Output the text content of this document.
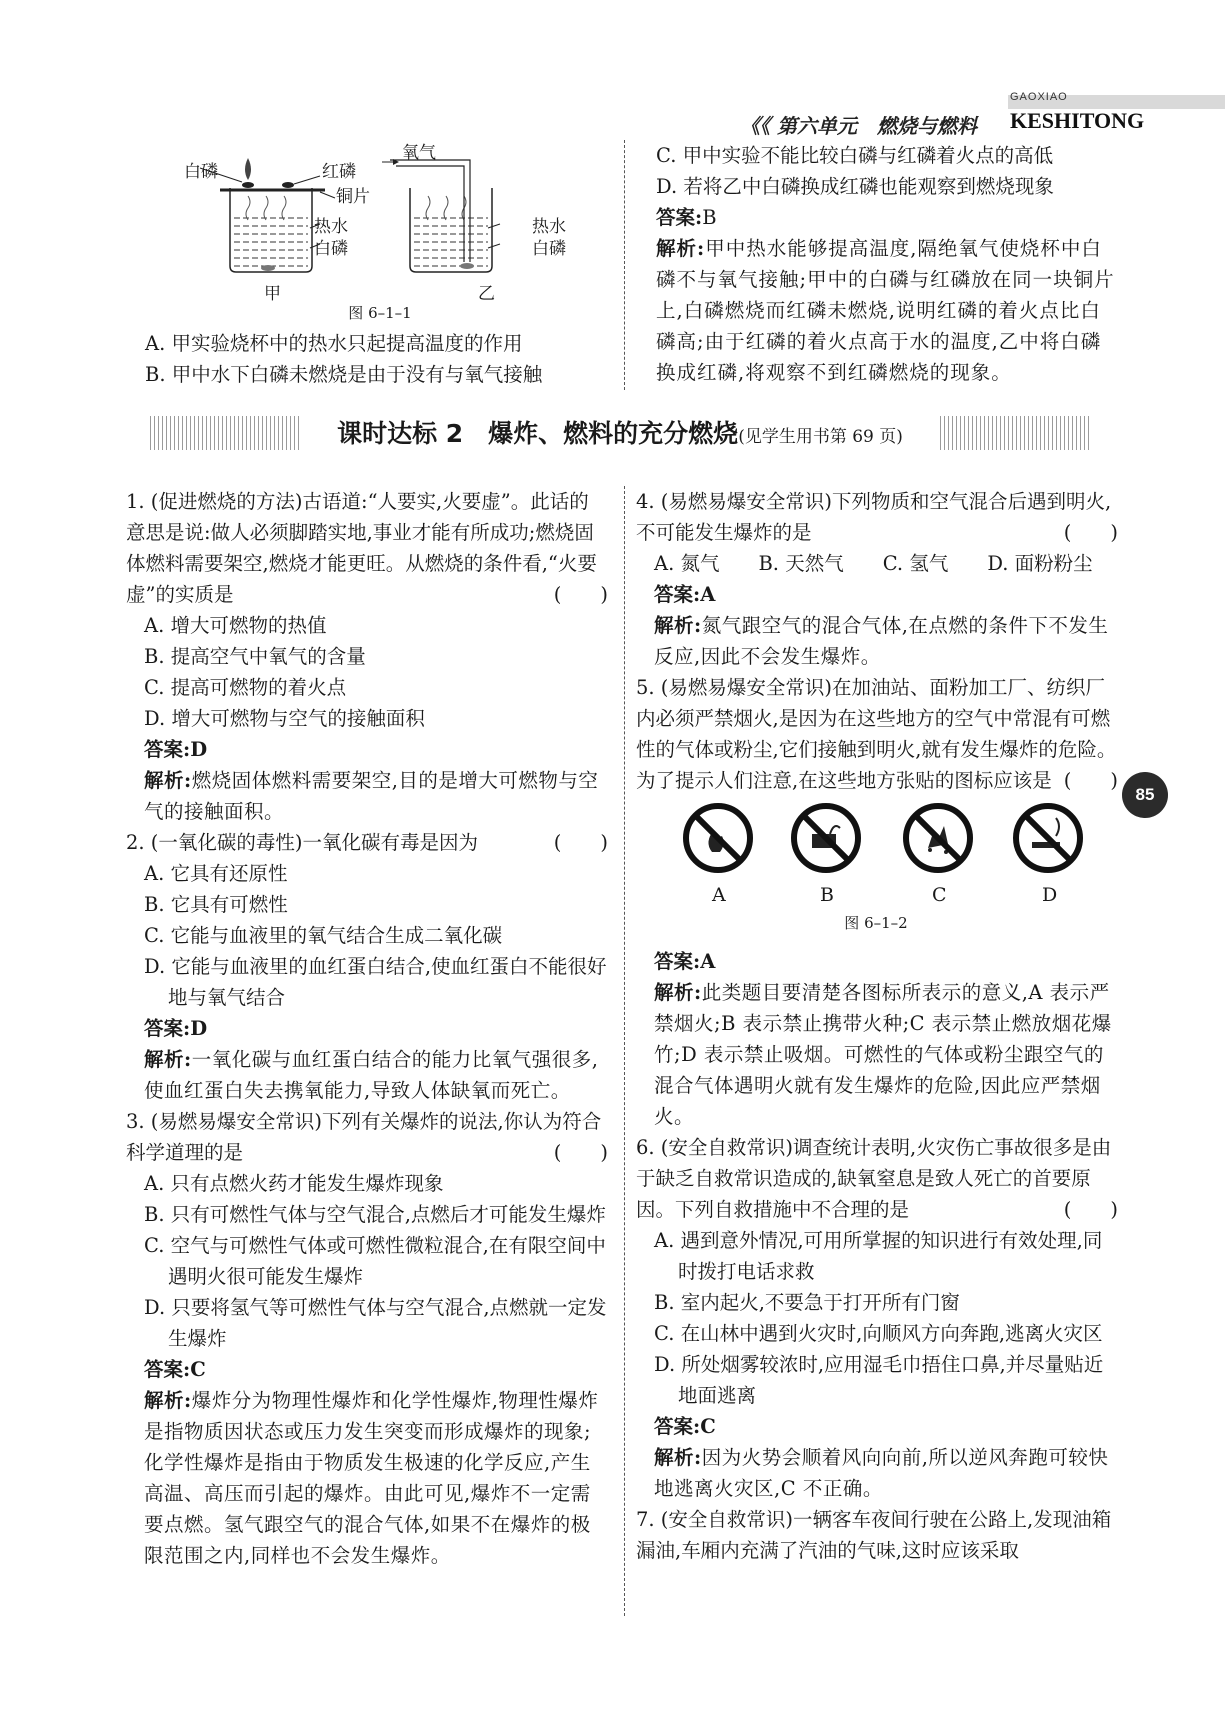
GAOXIAO
《《 第六单元　燃烧与燃料 KESHITONG
白磷	红磷
铜片
热水
白磷
氧气
热水
白磷
甲	乙
图 6–1–1
A. 甲实验烧杯中的热水只起提高温度的作用
B. 甲中水下白磷未燃烧是由于没有与氧气接触
C. 甲中实验不能比较白磷与红磷着火点的高低
D. 若将乙中白磷换成红磷也能观察到燃烧现象
答案:B
解析:甲中热水能够提高温度,隔绝氧气使烧杯中白磷不与氧气接触;甲中的白磷与红磷放在同一块铜片上,白磷燃烧而红磷未燃烧,说明红磷的着火点比白磷高;由于红磷的着火点高于水的温度,乙中将白磷换成红磷,将观察不到红磷燃烧的现象。
课时达标 2　爆炸、燃料的充分燃烧(见学生用书第 69 页)
1. (促进燃烧的方法)古语道:“人要实,火要虚”。此话的意思是说:做人必须脚踏实地,事业才能有所成功;燃烧固体燃料需要架空,燃烧才能更旺。从燃烧的条件看,“火要虚”的实质是	(　　)
A. 增大可燃物的热值
B. 提高空气中氧气的含量
C. 提高可燃物的着火点
D. 增大可燃物与空气的接触面积
答案:D
解析:燃烧固体燃料需要架空,目的是增大可燃物与空气的接触面积。
2. (一氧化碳的毒性)一氧化碳有毒是因为	(　　)
A. 它具有还原性
B. 它具有可燃性
C. 它能与血液里的氧气结合生成二氧化碳
D. 它能与血液里的血红蛋白结合,使血红蛋白不能很好地与氧气结合
答案:D
解析:一氧化碳与血红蛋白结合的能力比氧气强很多,使血红蛋白失去携氧能力,导致人体缺氧而死亡。
3. (易燃易爆安全常识)下列有关爆炸的说法,你认为符合科学道理的是	(　　)
A. 只有点燃火药才能发生爆炸现象
B. 只有可燃性气体与空气混合,点燃后才可能发生爆炸
C. 空气与可燃性气体或可燃性微粒混合,在有限空间中遇明火很可能发生爆炸
D. 只要将氢气等可燃性气体与空气混合,点燃就一定发生爆炸
答案:C
解析:爆炸分为物理性爆炸和化学性爆炸,物理性爆炸是指物质因状态或压力发生突变而形成爆炸的现象;化学性爆炸是指由于物质发生极速的化学反应,产生高温、高压而引起的爆炸。由此可见,爆炸不一定需要点燃。氢气跟空气的混合气体,如果不在爆炸的极限范围之内,同样也不会发生爆炸。
4. (易燃易爆安全常识)下列物质和空气混合后遇到明火,不可能发生爆炸的是	(　　)
A. 氮气　　B. 天然气　　C. 氢气　　D. 面粉粉尘
答案:A
解析:氮气跟空气的混合气体,在点燃的条件下不发生反应,因此不会发生爆炸。
5. (易燃易爆安全常识)在加油站、面粉加工厂、纺织厂内必须严禁烟火,是因为在这些地方的空气中常混有可燃性的气体或粉尘,它们接触到明火,就有发生爆炸的危险。为了提示人们注意,在这些地方张贴的图标应该是 (　　)
A	B	C	D
图 6–1–2
答案:A
解析:此类题目要清楚各图标所表示的意义,A 表示严禁烟火;B 表示禁止携带火种;C 表示禁止燃放烟花爆竹;D 表示禁止吸烟。可燃性的气体或粉尘跟空气的混合气体遇明火就有发生爆炸的危险,因此应严禁烟火。
6. (安全自救常识)调查统计表明,火灾伤亡事故很多是由于缺乏自救常识造成的,缺氧窒息是致人死亡的首要原因。下列自救措施中不合理的是	(　　)
A. 遇到意外情况,可用所掌握的知识进行有效处理,同时拨打电话求救
B. 室内起火,不要急于打开所有门窗
C. 在山林中遇到火灾时,向顺风方向奔跑,逃离火灾区
D. 所处烟雾较浓时,应用湿毛巾捂住口鼻,并尽量贴近地面逃离
答案:C
解析:因为火势会顺着风向向前,所以逆风奔跑可较快地逃离火灾区,C 不正确。
7. (安全自救常识)一辆客车夜间行驶在公路上,发现油箱漏油,车厢内充满了汽油的气味,这时应该采取
85
